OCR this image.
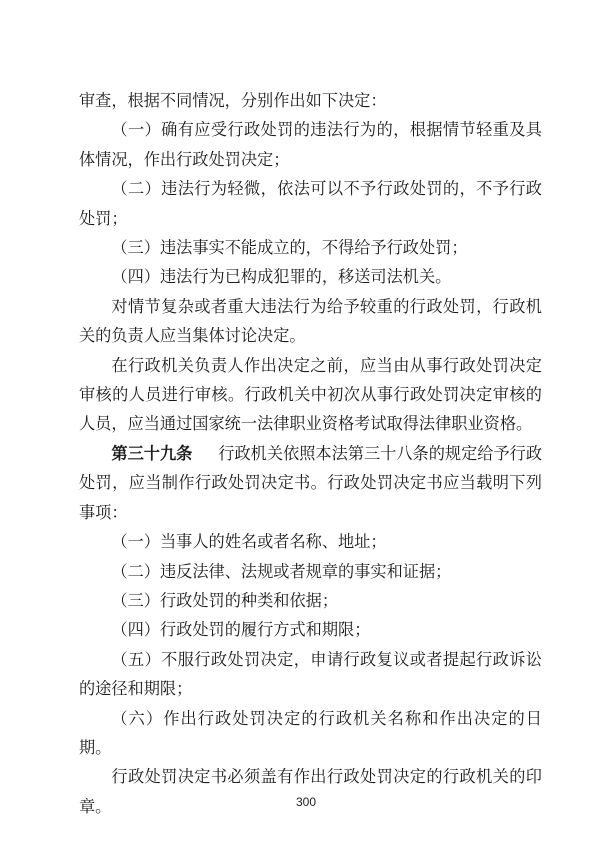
审查，根据不同情况，分别作出如下决定：

（一）确有应受行政处罚的违法行为的，根据情节轻重及具体情况，作出行政处罚决定；

（二）违法行为轻微，依法可以不予行政处罚的，不予行政处罚；

（三）违法事实不能成立的，不得给予行政处罚；

（四）违法行为已构成犯罪的，移送司法机关。

对情节复杂或者重大违法行为给予较重的行政处罚，行政机关的负责人应当集体讨论决定。

在行政机关负责人作出决定之前，应当由从事行政处罚决定审核的人员进行审核。行政机关中初次从事行政处罚决定审核的人员，应当通过国家统一法律职业资格考试取得法律职业资格。

第三十九条 行政机关依照本法第三十八条的规定给予行政处罚，应当制作行政处罚决定书。行政处罚决定书应当载明下列事项：

（一）当事人的姓名或者名称、地址；

（二）违反法律、法规或者规章的事实和证据；

（三）行政处罚的种类和依据；

（四）行政处罚的履行方式和期限；

（五）不服行政处罚决定，申请行政复议或者提起行政诉讼的途径和期限；

（六）作出行政处罚决定的行政机关名称和作出决定的日期。

行政处罚决定书必须盖有作出行政处罚决定的行政机关的印章。	300
